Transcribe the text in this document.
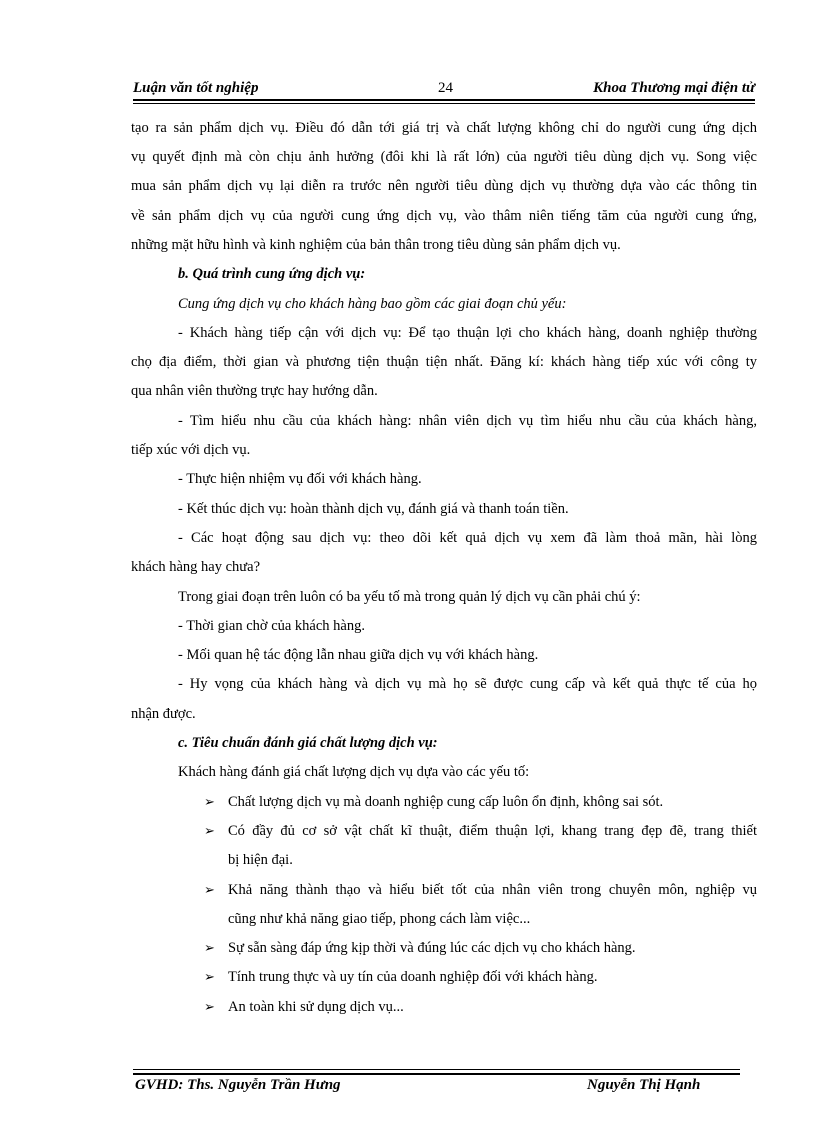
Luận văn tốt nghiệp	24	Khoa Thương mại điện tử
tạo ra sản phẩm dịch vụ. Điều đó dẫn tới giá trị và chất lượng không chỉ do người cung ứng dịch
vụ quyết định mà còn chịu ảnh hưởng (đôi khi là rất lớn) của người tiêu dùng dịch vụ. Song việc
mua sản phẩm dịch vụ lại diễn ra trước nên người tiêu dùng dịch vụ thường dựa vào các thông tin
về sản phẩm dịch vụ của người cung ứng dịch vụ, vào thâm niên tiếng tăm của người cung ứng,
những mặt hữu hình và kinh nghiệm của bản thân trong tiêu dùng sản phẩm dịch vụ.
b. Quá trình cung ứng dịch vụ:
Cung ứng dịch vụ cho khách hàng bao gồm các giai đoạn chủ yếu:
- Khách hàng tiếp cận với dịch vụ: Để tạo thuận lợi cho khách hàng, doanh nghiệp thường
chọ địa điểm, thời gian và phương tiện thuận tiện nhất. Đăng kí: khách hàng tiếp xúc với công ty
qua nhân viên thường trực hay hướng dẫn.
- Tìm hiểu nhu cầu của khách hàng: nhân viên dịch vụ tìm hiểu nhu cầu của khách hàng,
tiếp xúc với dịch vụ.
- Thực hiện nhiệm vụ đối với khách hàng.
- Kết thúc dịch vụ: hoàn thành dịch vụ, đánh giá và thanh toán tiền.
- Các hoạt động sau dịch vụ: theo dõi kết quả dịch vụ xem đã làm thoả mãn, hài lòng
khách hàng hay chưa?
Trong giai đoạn trên luôn có ba yếu tố mà trong quản lý dịch vụ cần phải chú ý:
- Thời gian chờ của khách hàng.
- Mối quan hệ tác động lẫn nhau giữa dịch vụ với khách hàng.
- Hy vọng của khách hàng và dịch vụ mà họ sẽ được cung cấp và kết quả thực tế của họ
nhận được.
c. Tiêu chuẩn đánh giá chất lượng dịch vụ:
Khách hàng đánh giá chất lượng dịch vụ dựa vào các yếu tố:
➢ Chất lượng dịch vụ mà doanh nghiệp cung cấp luôn ổn định, không sai sót.
➢ Có đầy đủ cơ sở vật chất kĩ thuật, điểm thuận lợi, khang trang đẹp đẽ, trang thiết
bị hiện đại.
➢ Khả năng thành thạo và hiểu biết tốt của nhân viên trong chuyên môn, nghiệp vụ
cũng như khả năng giao tiếp, phong cách làm việc...
➢ Sự sẵn sàng đáp ứng kịp thời và đúng lúc các dịch vụ cho khách hàng.
➢ Tính trung thực và uy tín của doanh nghiệp đối với khách hàng.
➢ An toàn khi sử dụng dịch vụ...
GVHD: Ths. Nguyễn Trần Hưng	Nguyễn Thị Hạnh
